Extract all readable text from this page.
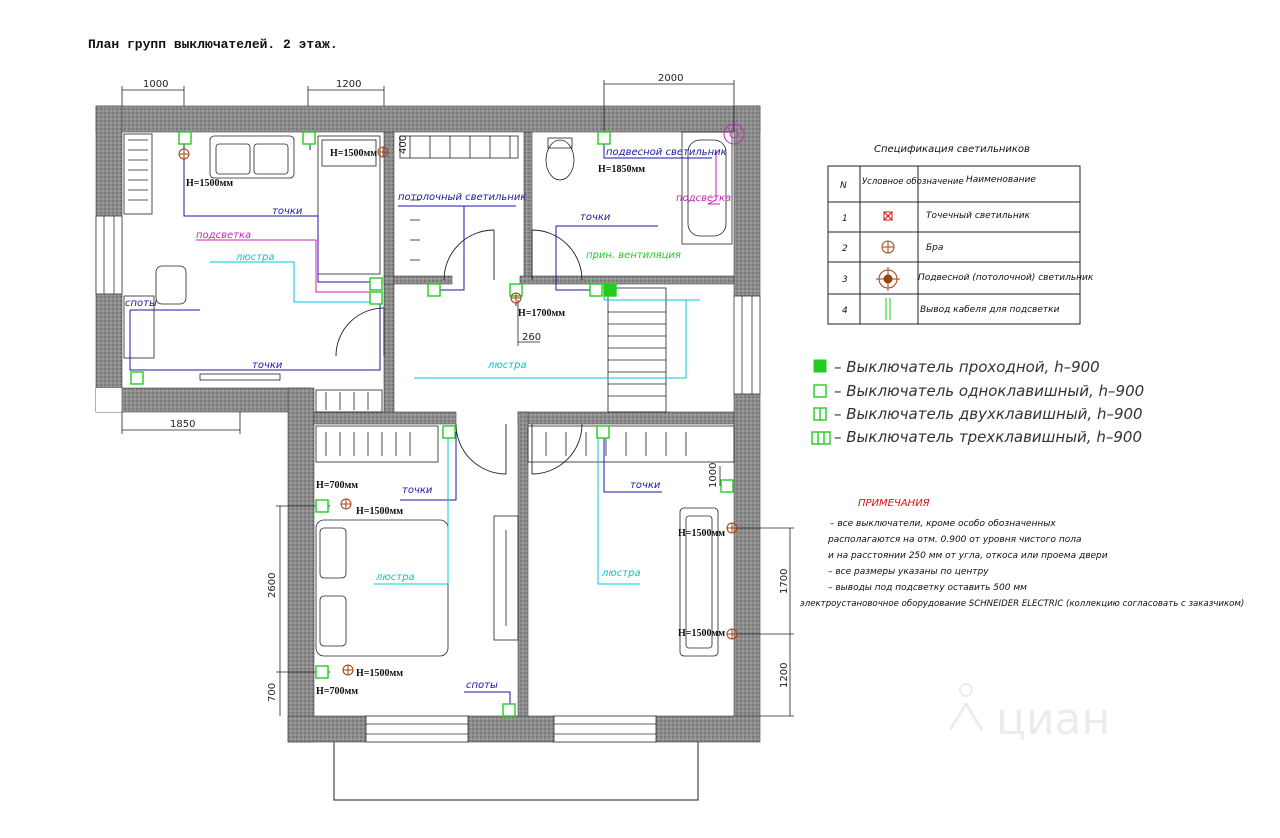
План групп выключателей. 2 этаж.
1000	1200
2000
1850
400
260
1000
2600
700
1700
1200
H=1500мм
H=1500мм
H=1850мм
H=1700мм
H=700мм
H=1500мм
H=1500мм
H=700мм
H=1500мм
H=1500мм
точки
подсветка
люстра
споты
точки
потолочный светильник
точки
подвесной светильник
подсветка
прин. вентиляция
люстра
точки
люстра
точки
люстра
споты
Спецификация светильников
N Условное обозначение Наименование
1	Точечный светильник
2	Бра
3	Подвесной (потолочной) светильник
4	Вывод кабеля для подсветки
– Выключатель проходной, h–900
– Выключатель одноклавишный, h–900
– Выключатель двухклавишный, h–900
– Выключатель трехклавишный, h–900
ПРИМЕЧАНИЯ
– все выключатели, кроме особо обозначенных
располагаются на отм. 0.900 от уровня чистого пола
и на расстоянии 250 мм от угла, откоса или проема двери
– все размеры указаны по центру
– выводы под подсветку оставить 500 мм
электроустановочное оборудование SCHNEIDER ELECTRIC (коллекцию согласовать с заказчиком)
циан
